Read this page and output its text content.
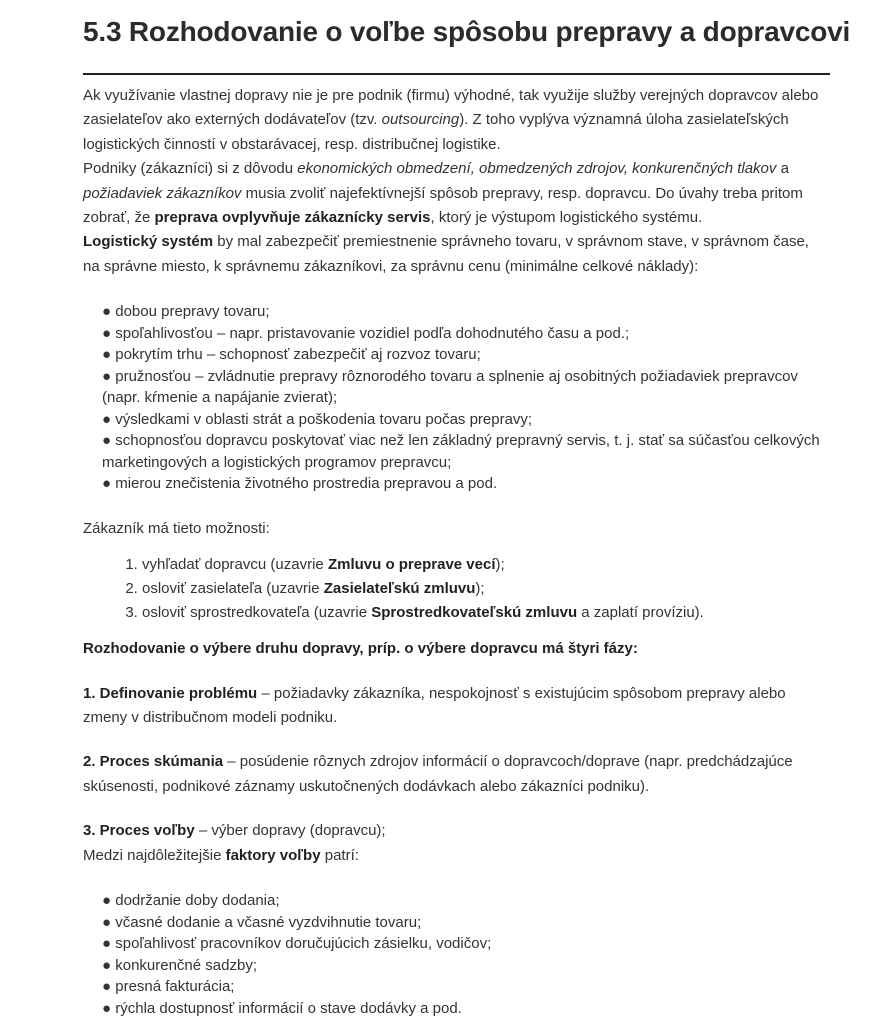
5.3 Rozhodovanie o voľbe spôsobu prepravy a dopravcovi

Ak využívanie vlastnej dopravy nie je pre podnik (firmu) výhodné, tak využije služby verejných dopravcov alebo zasielateľov ako externých dodávateľov (tzv. outsourcing). Z toho vyplýva významná úloha zasielateľských logistických činností v obstarávacej, resp. distribučnej logistike.

Podniky (zákazníci) si z dôvodu ekonomických obmedzení, obmedzených zdrojov, konkurenčných tlakov a požiadaviek zákazníkov musia zvoliť najefektívnejší spôsob prepravy, resp. dopravcu. Do úvahy treba pritom zobrať, že preprava ovplyvňuje zákaznícky servis, ktorý je výstupom logistického systému.

Logistický systém by mal zabezpečiť premiestnenie správneho tovaru, v správnom stave, v správnom čase, na správne miesto, k správnemu zákazníkovi, za správnu cenu (minimálne celkové náklady):

● dobou prepravy tovaru;
● spoľahlivosťou – napr. pristavovanie vozidiel podľa dohodnutého času a pod.;
● pokrytím trhu – schopnosť zabezpečiť aj rozvoz tovaru;
● pružnosťou – zvládnutie prepravy rôznorodého tovaru a splnenie aj osobitných požiadaviek prepravcov (napr. kŕmenie a napájanie zvierat);
● výsledkami v oblasti strát a poškodenia tovaru počas prepravy;
● schopnosťou dopravcu poskytovať viac než len základný prepravný servis, t. j. stať sa súčasťou celkových marketingových a logistických programov prepravcu;
● mierou znečistenia životného prostredia prepravou a pod.

Zákazník má tieto možnosti:

1. vyhľadať dopravcu (uzavrie Zmluvu o preprave vecí);
2. osloviť zasielateľa (uzavrie Zasielateľskú zmluvu);
3. osloviť sprostredkovateľa (uzavrie Sprostredkovateľskú zmluvu a zaplatí províziu).

Rozhodovanie o výbere druhu dopravy, príp. o výbere dopravcu má štyri fázy:

1. Definovanie problému – požiadavky zákazníka, nespokojnosť s existujúcim spôsobom prepravy alebo zmeny v distribučnom modeli podniku.

2. Proces skúmania – posúdenie rôznych zdrojov informácií o dopravcoch/doprave (napr. predchádzajúce skúsenosti, podnikové záznamy uskutočnených dodávkach alebo zákazníci podniku).

3. Proces voľby – výber dopravy (dopravcu);

Medzi najdôležitejšie faktory voľby patrí:

● dodržanie doby dodania;
● včasné dodanie a včasné vyzdvihnutie tovaru;
● spoľahlivosť pracovníkov doručujúcich zásielku, vodičov;
● konkurenčné sadzby;
● presná fakturácia;
● rýchla dostupnosť informácií o stave dodávky a pod.
